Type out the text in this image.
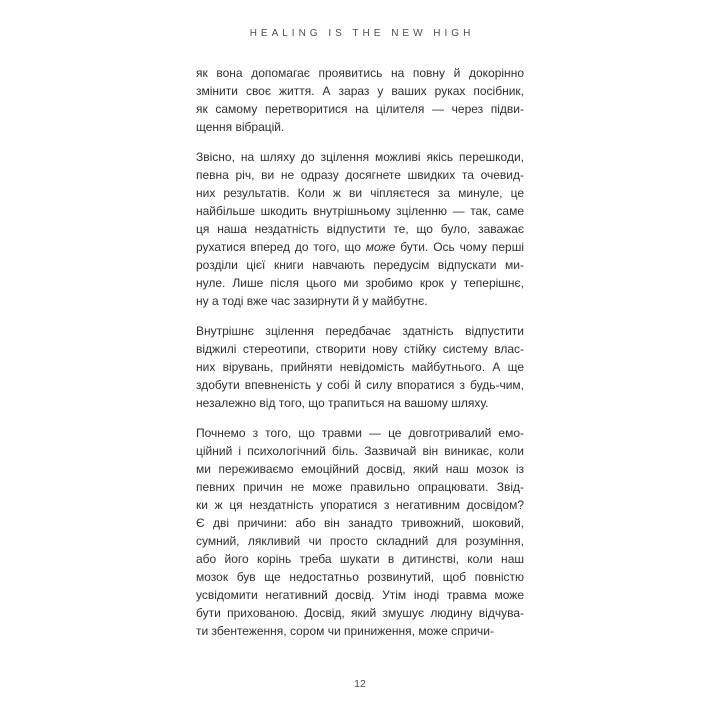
HEALING IS THE NEW HIGH
як вона допомагає проявитись на повну й докорінно
змінити своє життя. А зараз у ваших руках посібник,
як самому перетворитися на цілителя — через підви-
щення вібрацій.
Звісно, на шляху до зцілення можливі якісь перешкоди,
певна річ, ви не одразу досягнете швидких та очевид-
них результатів. Коли ж ви чіпляєтеся за минуле, це
найбільше шкодить внутрішньому зціленню — так, саме
ця наша нездатність відпустити те, що було, заважає
рухатися вперед до того, що може бути. Ось чому перші
розділи цієї книги навчають передусім відпускати ми-
нуле. Лише після цього ми зробимо крок у теперішнє,
ну а тоді вже час зазирнути й у майбутнє.
Внутрішнє зцілення передбачає здатність відпустити
віджилі стереотипи, створити нову стійку систему влас-
них вірувань, прийняти невідомість майбутнього. А ще
здобути впевненість у собі й силу впоратися з будь-чим,
незалежно від того, що трапиться на вашому шляху.
Почнемо з того, що травми — це довготривалий емо-
ційний і психологічний біль. Зазвичай він виникає, коли
ми переживаємо емоційний досвід, який наш мозок із
певних причин не може правильно опрацювати. Звід-
ки ж ця нездатність упоратися з негативним досвідом?
Є дві причини: або він занадто тривожний, шоковий,
сумний, лякливий чи просто складний для розуміння,
або його корінь треба шукати в дитинстві, коли наш
мозок був ще недостатньо розвинутий, щоб повністю
усвідомити негативний досвід. Утім іноді травма може
бути прихованою. Досвід, який змушує людину відчува-
ти збентеження, сором чи приниження, може спричи-
12
